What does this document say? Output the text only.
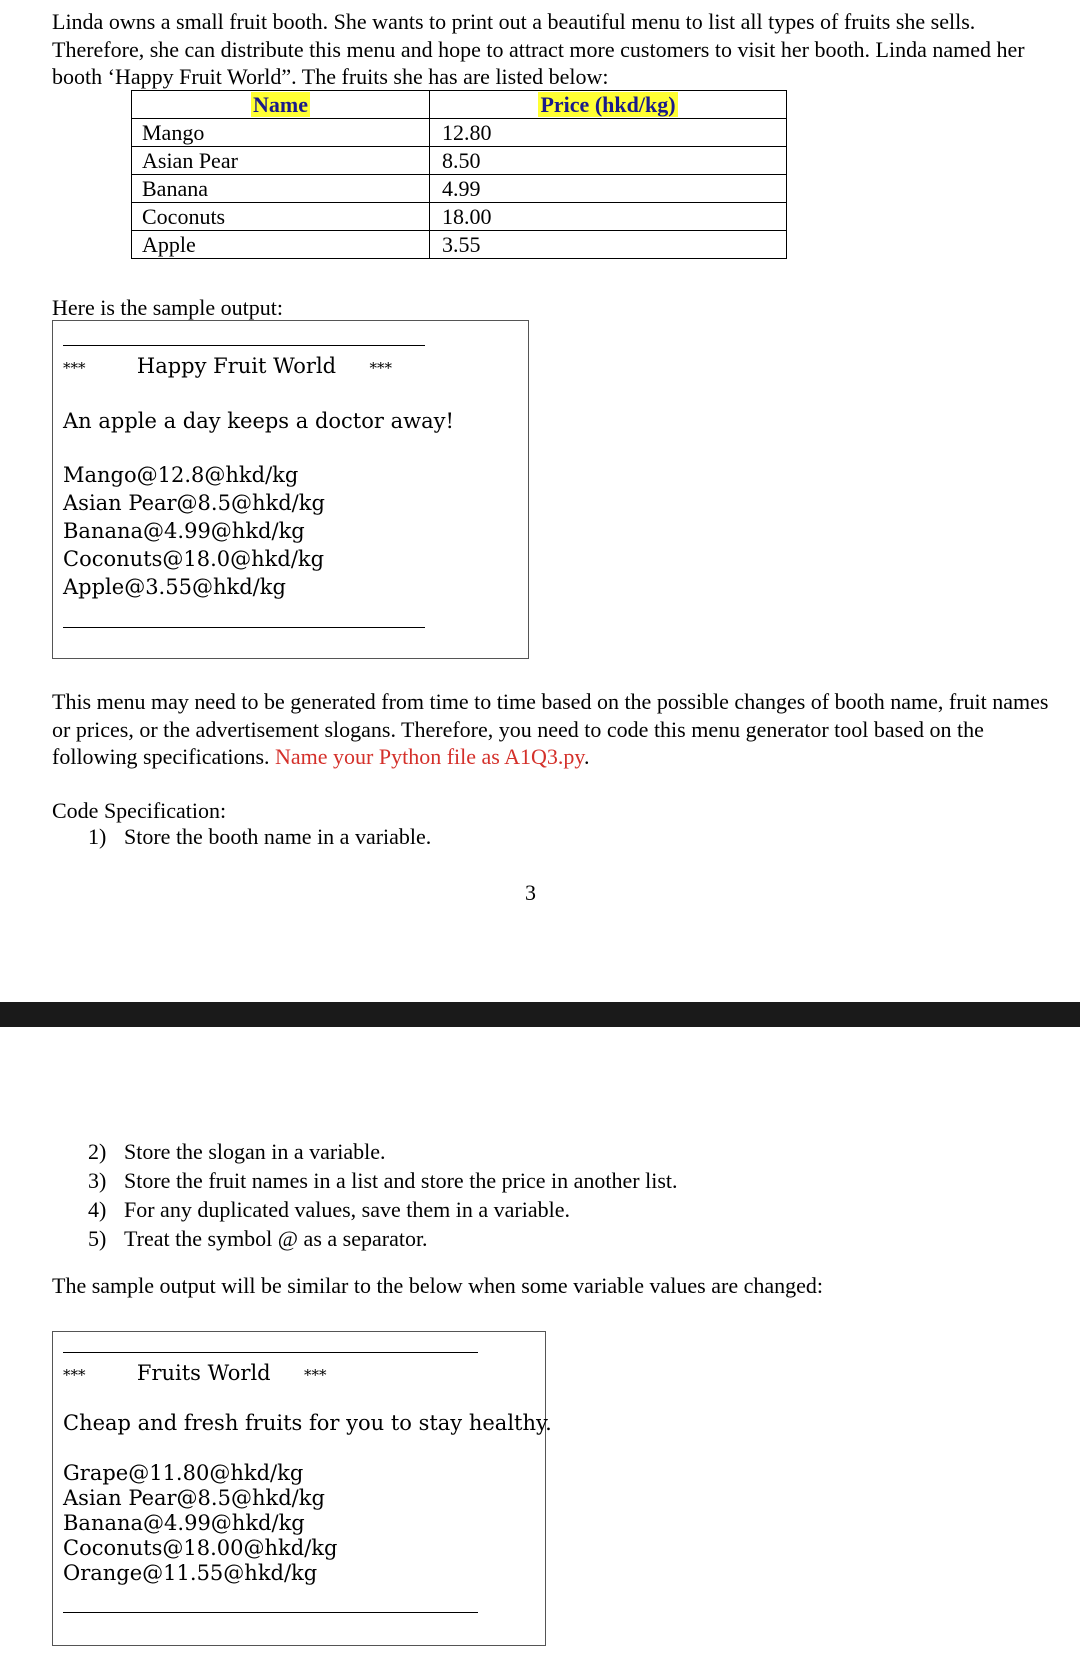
Linda owns a small fruit booth. She wants to print out a beautiful menu to list all types of fruits she sells. Therefore, she can distribute this menu and hope to attract more customers to visit her booth. Linda named her booth ‘Happy Fruit World”. The fruits she has are listed below:
Name	Price (hkd/kg)
Mango	12.80
Asian Pear	8.50
Banana	4.99
Coconuts	18.00
Apple	3.55
Here is the sample output:
*** Happy Fruit World ***
An apple a day keeps a doctor away!
Mango@12.8@hkd/kg
Asian Pear@8.5@hkd/kg
Banana@4.99@hkd/kg
Coconuts@18.0@hkd/kg
Apple@3.55@hkd/kg
This menu may need to be generated from time to time based on the possible changes of booth name, fruit names or prices, or the advertisement slogans. Therefore, you need to code this menu generator tool based on the following specifications. Name your Python file as A1Q3.py.
Code Specification:
1) Store the booth name in a variable.
3
2) Store the slogan in a variable.
3) Store the fruit names in a list and store the price in another list.
4) For any duplicated values, save them in a variable.
5) Treat the symbol @ as a separator.
The sample output will be similar to the below when some variable values are changed:
*** Fruits World ***
Cheap and fresh fruits for you to stay healthy.
Grape@11.80@hkd/kg
Asian Pear@8.5@hkd/kg
Banana@4.99@hkd/kg
Coconuts@18.00@hkd/kg
Orange@11.55@hkd/kg
